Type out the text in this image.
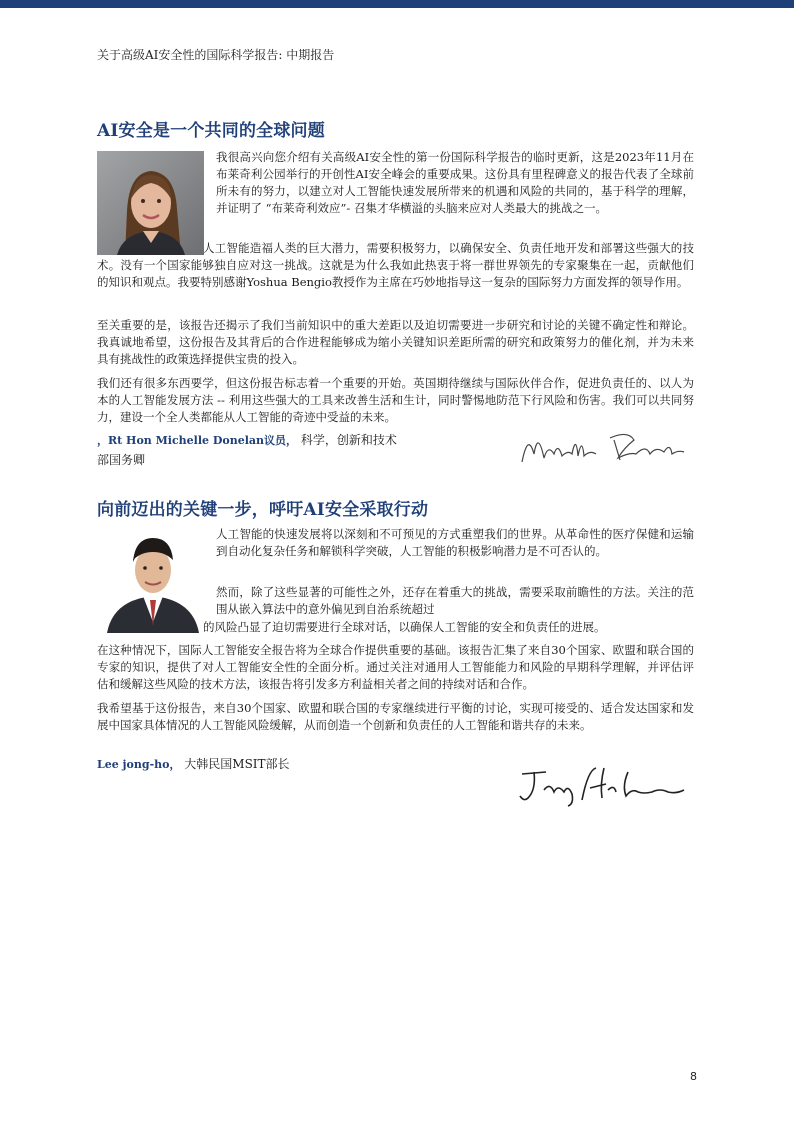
关于高级AI安全性的国际科学报告: 中期报告
AI安全是一个共同的全球问题

我很高兴向您介绍有关高级AI安全性的第一份国际科学报告的临时更新，这是2023年11月在布莱奇利公园举行的开创性AI安全峰会的重要成果。这份具有里程碑意义的报告代表了全球前所未有的努力，以建立对人工智能快速发展所带来的机遇和风险的共同的，基于科学的理解，并证明了 “布莱奇利效应”- 召集才华横溢的头脑来应对人类最大的挑战之一。

人工智能造福人类的巨大潜力，需要积极努力，以确保安全、负责任地开发和部署这些强大的技术。没有一个国家能够独自应对这一挑战。这就是为什么我如此热衷于将一群世界领先的专家聚集在一起，贡献他们的知识和观点。我要特别感谢Yoshua Bengio教授作为主席在巧妙地指导这一复杂的国际努力方面发挥的领导作用。

至关重要的是，该报告还揭示了我们当前知识中的重大差距以及迫切需要进一步研究和讨论的关键不确定性和辩论。我真诚地希望，这份报告及其背后的合作进程能够成为缩小关键知识差距所需的研究和政策努力的催化剂，并为未来具有挑战性的政策选择提供宝贵的投入。

我们还有很多东西要学，但这份报告标志着一个重要的开始。英国期待继续与国际伙伴合作，促进负责任的、以人为本的人工智能发展方法 -- 利用这些强大的工具来改善生活和生计，同时警惕地防范下行风险和伤害。我们可以共同努力，建设一个全人类都能从人工智能的奇迹中受益的未来。

，Rt Hon Michelle Donelan议员， 科学，创新和技术
部国务卿
向前迈出的关键一步，呼吁AI安全采取行动

人工智能的快速发展将以深刻和不可预见的方式重塑我们的世界。从革命性的医疗保健和运输到自动化复杂任务和解锁科学突破，人工智能的积极影响潜力是不可否认的。

然而，除了这些显著的可能性之外，还存在着重大的挑战，需要采取前瞻性的方法。关注的范围从嵌入算法中的意外偏见到自治系统超过

的风险凸显了迫切需要进行全球对话，以确保人工智能的安全和负责任的进展。

在这种情况下，国际人工智能安全报告将为全球合作提供重要的基础。该报告汇集了来自30个国家、欧盟和联合国的专家的知识，提供了对人工智能安全性的全面分析。通过关注对通用人工智能能力和风险的早期科学理解，并评估评估和缓解这些风险的技术方法，该报告将引发多方利益相关者之间的持续对话和合作。

我希望基于这份报告，来自30个国家、欧盟和联合国的专家继续进行平衡的讨论，实现可接受的、适合发达国家和发展中国家具体情况的人工智能风险缓解，从而创造一个创新和负责任的人工智能和谐共存的未来。

Lee jong-ho， 大韩民国MSIT部长
8
